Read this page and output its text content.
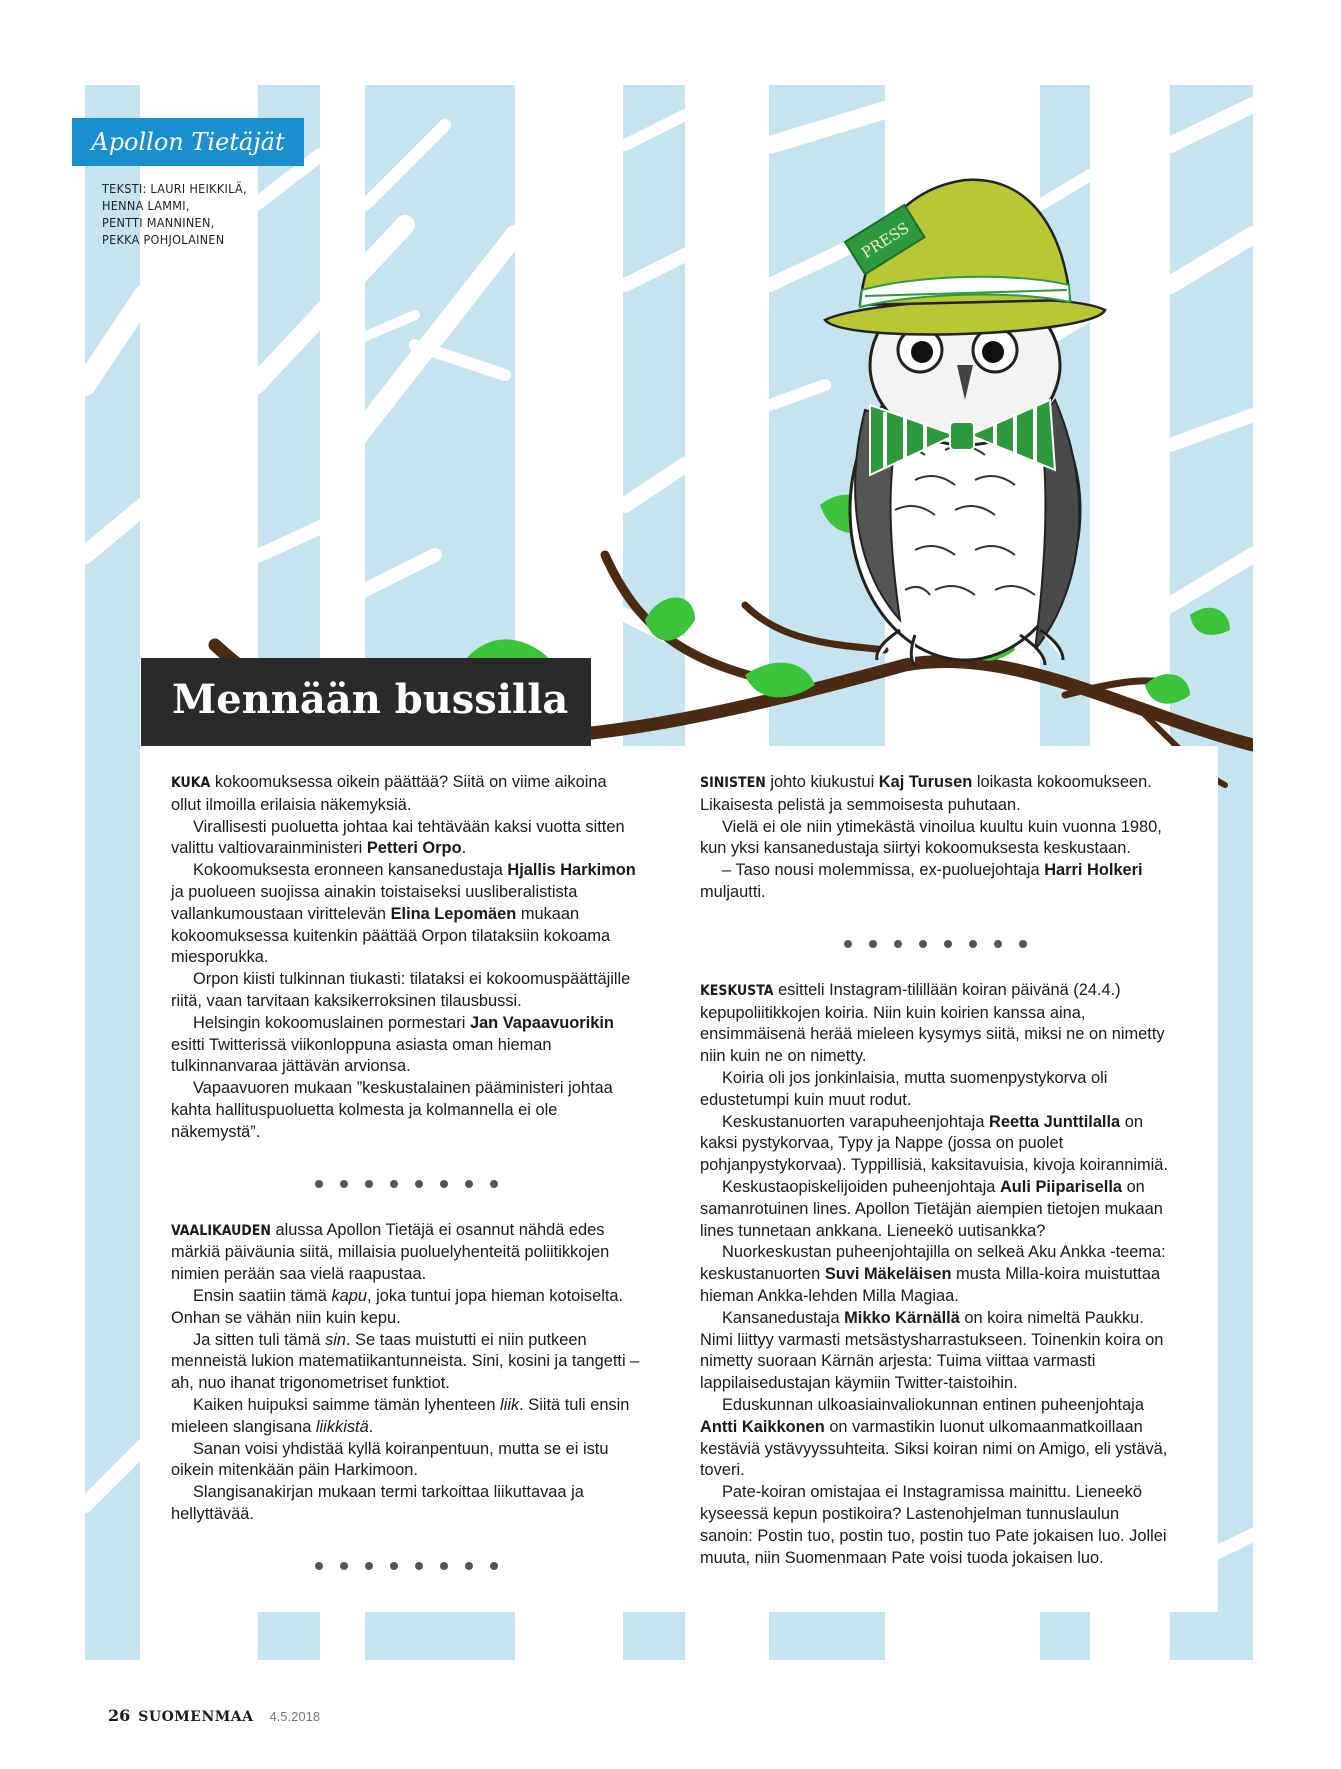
PRESS
Apollon Tietäjät
TEKSTI: LAURI HEIKKILÄ,
HENNA LAMMI,
PENTTI MANNINEN,
PEKKA POHJOLAINEN
Mennään bussilla

KUKA kokoomuksessa oikein päättää? Siitä on viime aikoina ollut ilmoilla erilaisia näkemyksiä.

Virallisesti puoluetta johtaa kai tehtävään kaksi vuotta sitten valittu valtiovarainministeri Petteri Orpo.

Kokoomuksesta eronneen kansanedustaja Hjallis Harkimon ja puolueen suojissa ainakin toistaiseksi uusliberalistista vallankumoustaan virittelevän Elina Lepomäen mukaan kokoomuksessa kuitenkin päättää Orpon tilataksiin kokoama miesporukka.

Orpon kiisti tulkinnan tiukasti: tilataksi ei kokoomuspäättäjille riitä, vaan tarvitaan kaksikerroksinen tilausbussi.

Helsingin kokoomuslainen pormestari Jan Vapaavuorikin esitti Twitterissä viikonloppuna asiasta oman hieman tulkinnanvaraa jättävän arvionsa.

Vapaavuoren mukaan ”keskustalainen pääministeri johtaa kahta hallituspuoluetta kolmesta ja kolmannella ei ole näkemystä”.

VAALIKAUDEN alussa Apollon Tietäjä ei osannut nähdä edes märkiä päiväunia siitä, millaisia puoluelyhenteitä poliitikkojen nimien perään saa vielä raapustaa.

Ensin saatiin tämä kapu, joka tuntui jopa hieman kotoiselta. Onhan se vähän niin kuin kepu.

Ja sitten tuli tämä sin. Se taas muistutti ei niin putkeen menneistä lukion matematiikantunneista. Sini, kosini ja tangetti – ah, nuo ihanat trigonometriset funktiot.

Kaiken huipuksi saimme tämän lyhenteen liik. Siitä tuli ensin mieleen slangisana liikkistä.

Sanan voisi yhdistää kyllä koiranpentuun, mutta se ei istu oikein mitenkään päin Harkimoon.

Slangisanakirjan mukaan termi tarkoittaa liikuttavaa ja hellyttävää.

SINISTEN johto kiukustui Kaj Turusen loikasta kokoomukseen. Likaisesta pelistä ja semmoisesta puhutaan.

Vielä ei ole niin ytimekästä vinoilua kuultu kuin vuonna 1980, kun yksi kansanedustaja siirtyi kokoomuksesta keskustaan.

– Taso nousi molemmissa, ex-puoluejohtaja Harri Holkeri muljautti.

KESKUSTA esitteli Instagram-tilillään koiran päivänä (24.4.) kepupoliitikkojen koiria. Niin kuin koirien kanssa aina, ensimmäisenä herää mieleen kysymys siitä, miksi ne on nimetty niin kuin ne on nimetty.

Koiria oli jos jonkinlaisia, mutta suomenpystykorva oli edustetumpi kuin muut rodut.

Keskustanuorten varapuheenjohtaja Reetta Junttilalla on kaksi pystykorvaa, Typy ja Nappe (jossa on puolet pohjanpystykorvaa). Typpillisiä, kaksitavuisia, kivoja koirannimiä.

Keskustaopiskelijoiden puheenjohtaja Auli Piiparisella on samanrotuinen lines. Apollon Tietäjän aiempien tietojen mukaan lines tunnetaan ankkana. Lieneekö uutisankka?

Nuorkeskustan puheenjohtajilla on selkeä Aku Ankka -teema: keskustanuorten Suvi Mäkeläisen musta Milla-koira muistuttaa hieman Ankka-lehden Milla Magiaa.

Kansanedustaja Mikko Kärnällä on koira nimeltä Paukku. Nimi liittyy varmasti metsästysharrastukseen. Toinenkin koira on nimetty suoraan Kärnän arjesta: Tuima viittaa varmasti lappilaisedustajan käymiin Twitter-taistoihin.

Eduskunnan ulkoasiainvaliokunnan entinen puheenjohtaja Antti Kaikkonen on varmastikin luonut ulkomaanmatkoillaan kestäviä ystävyyssuhteita. Siksi koiran nimi on Amigo, eli ystävä, toveri.

Pate-koiran omistajaa ei Instagramissa mainittu. Lieneekö kyseessä kepun postikoira? Lastenohjelman tunnuslaulun sanoin: Postin tuo, postin tuo, postin tuo Pate jokaisen luo. Jollei muuta, niin Suomenmaan Pate voisi tuoda jokaisen luo.

26 SUOMENMAA 4.5.2018
